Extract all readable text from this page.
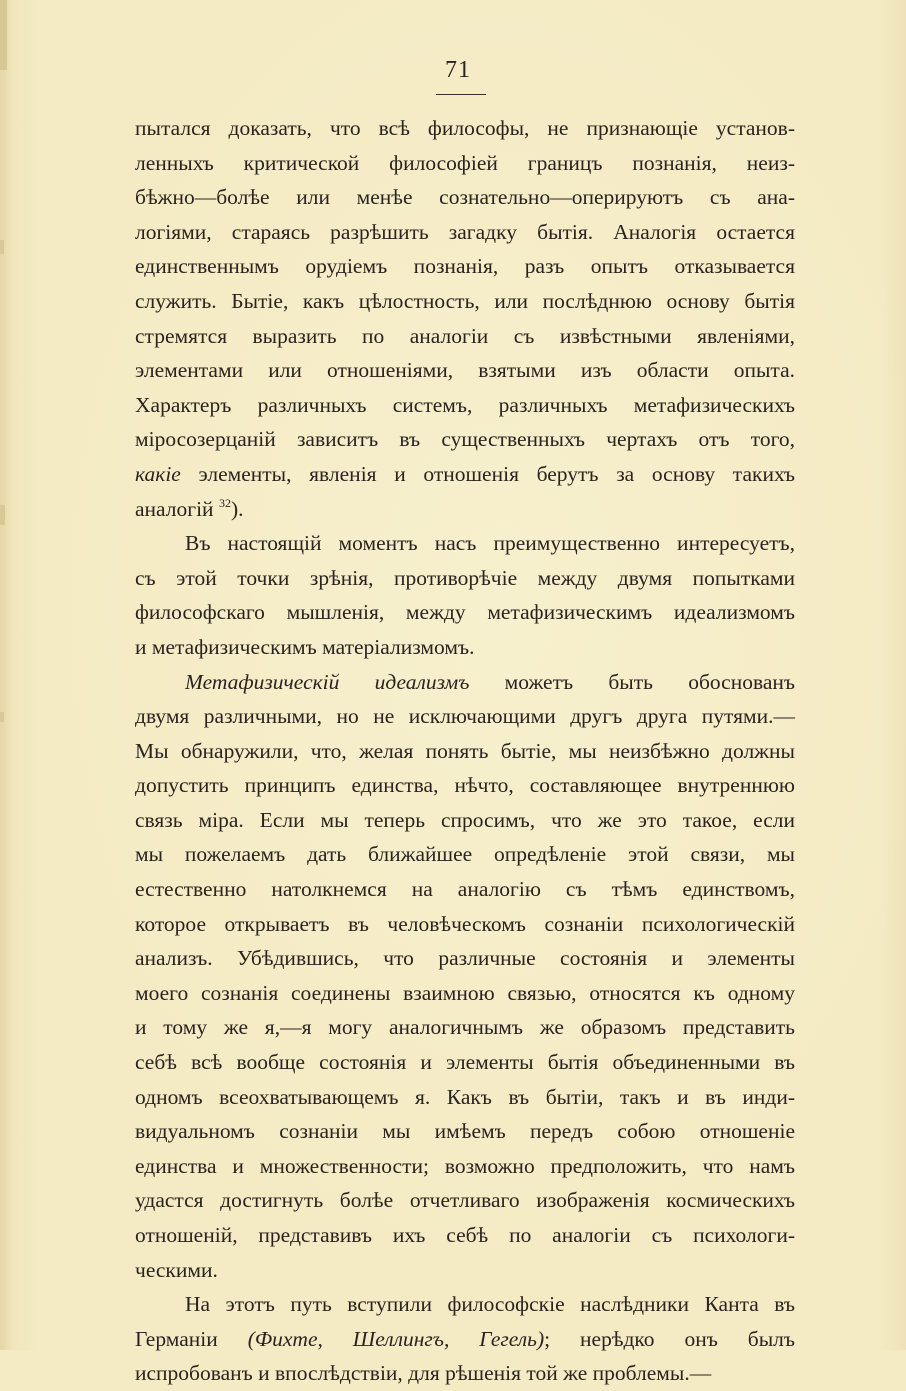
71
пытался доказать, что всѣ философы, не признающіе установ-
ленныхъ критической философіей границъ познанія, неиз-
бѣжно—болѣе или менѣе сознательно—оперируютъ съ ана-
логіями, стараясь разрѣшить загадку бытія. Аналогія остается
единственнымъ орудіемъ познанія, разъ опытъ отказывается
служить. Бытіе, какъ цѣлостность, или послѣднюю основу бытія
стремятся выразить по аналогіи съ извѣстными явленіями,
элементами или отношеніями, взятыми изъ области опыта.
Характеръ различныхъ системъ, различныхъ метафизическихъ
міросозерцаній зависитъ въ существенныхъ чертахъ отъ того,
какіе элементы, явленія и отношенія берутъ за основу такихъ
аналогій $^{32}$).
Въ настоящій моментъ насъ преимущественно интересуетъ,
съ этой точки зрѣнія, противорѣчіе между двумя попытками
философскаго мышленія, между метафизическимъ идеализмомъ
и метафизическимъ матеріализмомъ.
Метафизическій идеализмъ можетъ быть обоснованъ
двумя различными, но не исключающими другъ друга путями.—
Мы обнаружили, что, желая понять бытіе, мы неизбѣжно должны
допустить принципъ единства, нѣчто, составляющее внутреннюю
связь міра. Если мы теперь спросимъ, что же это такое, если
мы пожелаемъ дать ближайшее опредѣленіе этой связи, мы
естественно натолкнемся на аналогію съ тѣмъ единствомъ,
которое открываетъ въ человѣческомъ сознаніи психологическій
анализъ. Убѣдившись, что различные состоянія и элементы
моего сознанія соединены взаимною связью, относятся къ одному
и тому же я,—я могу аналогичнымъ же образомъ представить
себѣ всѣ вообще состоянія и элементы бытія объединенными въ
одномъ всеохватывающемъ я. Какъ въ бытіи, такъ и въ инди-
видуальномъ сознаніи мы имѣемъ передъ собою отношеніе
единства и множественности; возможно предположить, что намъ
удастся достигнуть болѣе отчетливаго изображенія космическихъ
отношеній, представивъ ихъ себѣ по аналогіи съ психологи-
ческими.
На этотъ путь вступили философскіе наслѣдники Канта въ
Германіи (Фихте, Шеллингъ, Гегель); нерѣдко онъ былъ
испробованъ и впослѣдствіи, для рѣшенія той же проблемы.—
